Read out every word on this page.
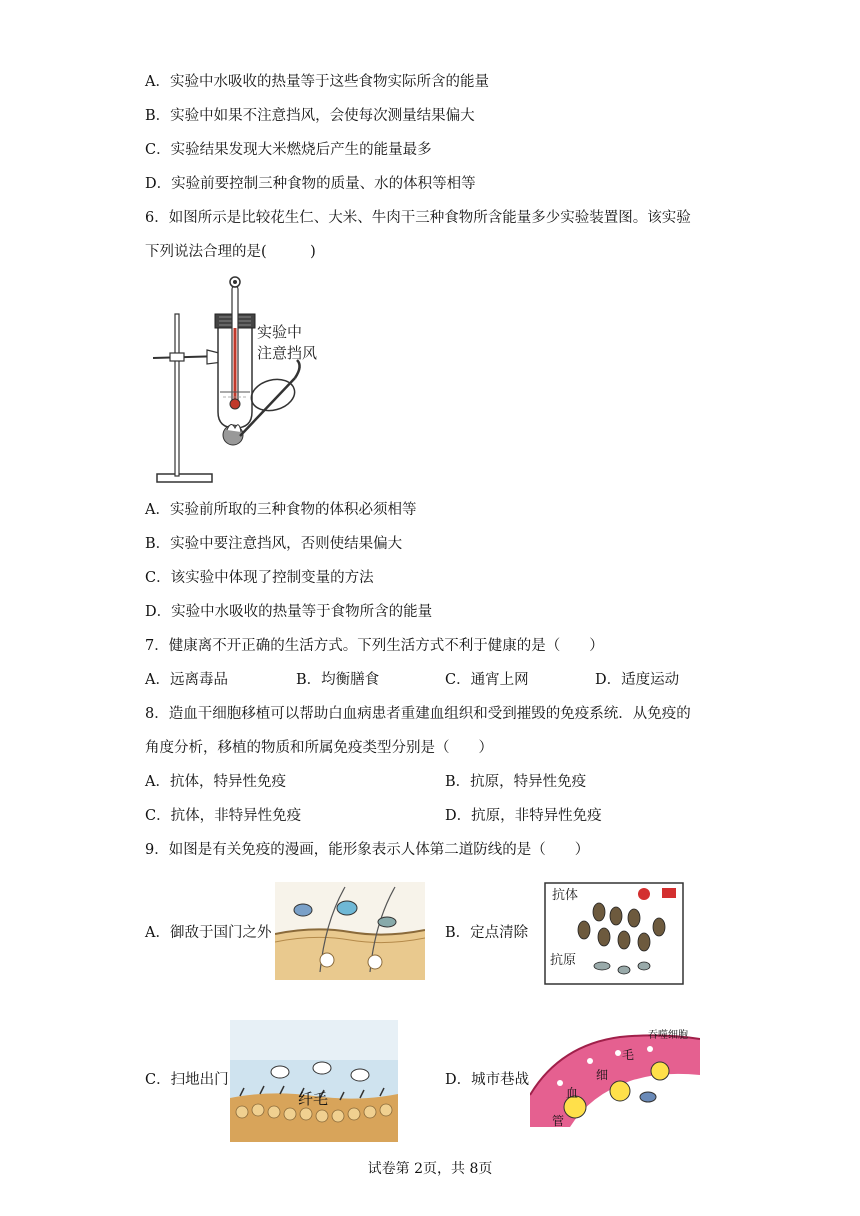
A．实验中水吸收的热量等于这些食物实际所含的能量
B．实验中如果不注意挡风，会使每次测量结果偏大
C．实验结果发现大米燃烧后产生的能量最多
D．实验前要控制三种食物的质量、水的体积等相等
6．如图所示是比较花生仁、大米、牛肉干三种食物所含能量多少实验装置图。该实验
下列说法合理的是(　　　)
实验中
注意挡风
A．实验前所取的三种食物的体积必须相等
B．实验中要注意挡风，否则使结果偏大
C．该实验中体现了控制变量的方法
D．实验中水吸收的热量等于食物所含的能量
7．健康离不开正确的生活方式。下列生活方式不利于健康的是（　　）
A．远离毒品	B．均衡膳食	C．通宵上网	D．适度运动
8．造血干细胞移植可以帮助白血病患者重建血组织和受到摧毁的免疫系统．从免疫的
角度分析，移植的物质和所属免疫类型分别是（　　）
A．抗体，特异性免疫	B．抗原，特异性免疫
C．抗体，非特异性免疫	D．抗原，非特异性免疫
9．如图是有关免疫的漫画，能形象表示人体第二道防线的是（　　）
A．御敌于国门之外	B．定点清除
抗体
抗原
C．扫地出门
纤毛
D．城市巷战
吞噬细胞
毛
细
血
管
试卷第 2页，共 8页
